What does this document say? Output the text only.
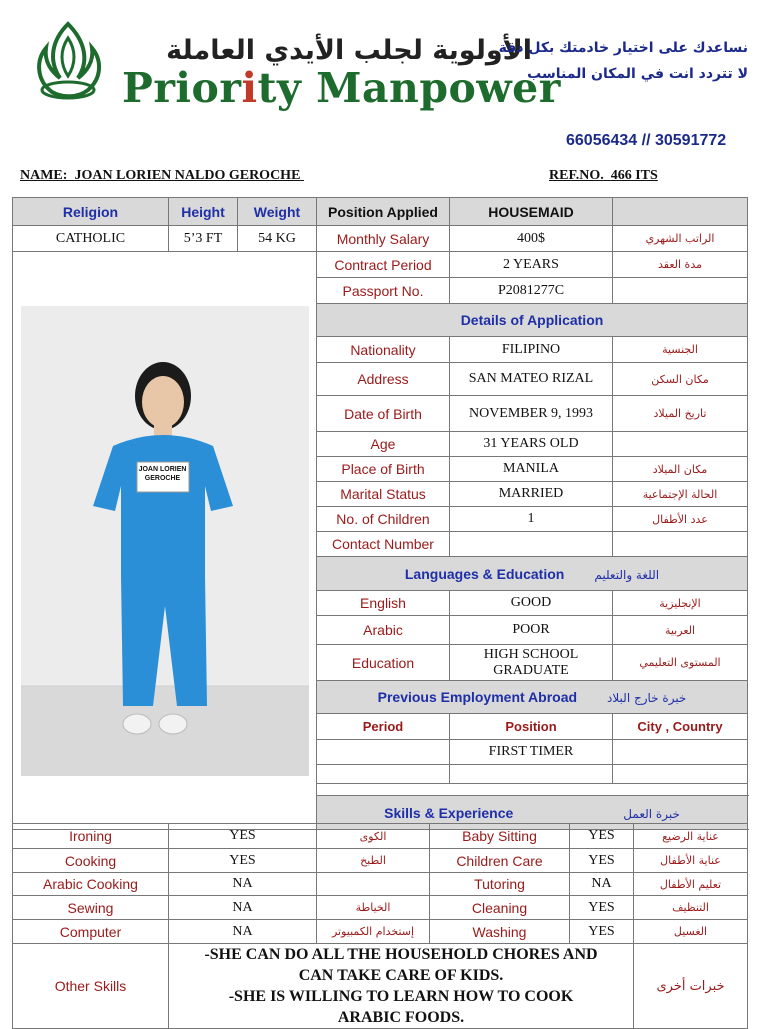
الأولوية لجلب الأيدي العاملة
Priority Manpower
نساعدك على اختيار خادمتك بكل دقة
لا تتردد انت في المكان المناسب
66056434 // 30591772
NAME: JOAN LORIEN NALDO GEROCHE	REF.NO. 466 ITS
Religion	Height	Weight	Position Applied	HOUSEMAID	
CATHOLIC	5’3 FT	54 KG	Monthly Salary	400$	الراتب الشهري

JOAN LORIEN
GEROCHE			Contract Period	2 YEARS	مدة العقد
			Passport No.	P2081277C	
			Details of Application		
			Nationality	FILIPINO	الجنسية
			Address	SAN MATEO RIZAL	مكان السكن
			Date of Birth	NOVEMBER 9, 1993	تاريخ الميلاد
			Age	31 YEARS OLD	
			Place of Birth	MANILA	مكان الميلاد
			Marital Status	MARRIED	الحالة الإجتماعية
			No. of Children	1	عدد الأطفال
			Contact Number		
			Languages & Education اللغة والتعليم		
			English	GOOD	الإنجليزية
			Arabic	POOR	العربية
			Education	HIGH SCHOOL GRADUATE	المستوى التعليمي
			Previous Employment Abroad خبرة خارج البلاد		
			Period	Position	City , Country
				FIRST TIMER	

			Skills & Experience خبرة العمل		
Ironing	YES	الكوى	Baby Sitting	YES	عناية الرضيع
Cooking	YES	الطبخ	Children Care	YES	عناية الأطفال
Arabic Cooking	NA		Tutoring	NA	تعليم الأطفال
Sewing	NA	الخياطة	Cleaning	YES	التنظيف
Computer	NA	إستخدام الكمبيوتر	Washing	YES	الغسيل
Other Skills	-SHE CAN DO ALL THE HOUSEHOLD CHORES AND
CAN TAKE CARE OF KIDS.
-SHE IS WILLING TO LEARN HOW TO COOK
ARABIC FOODS.				خبرات أخرى
